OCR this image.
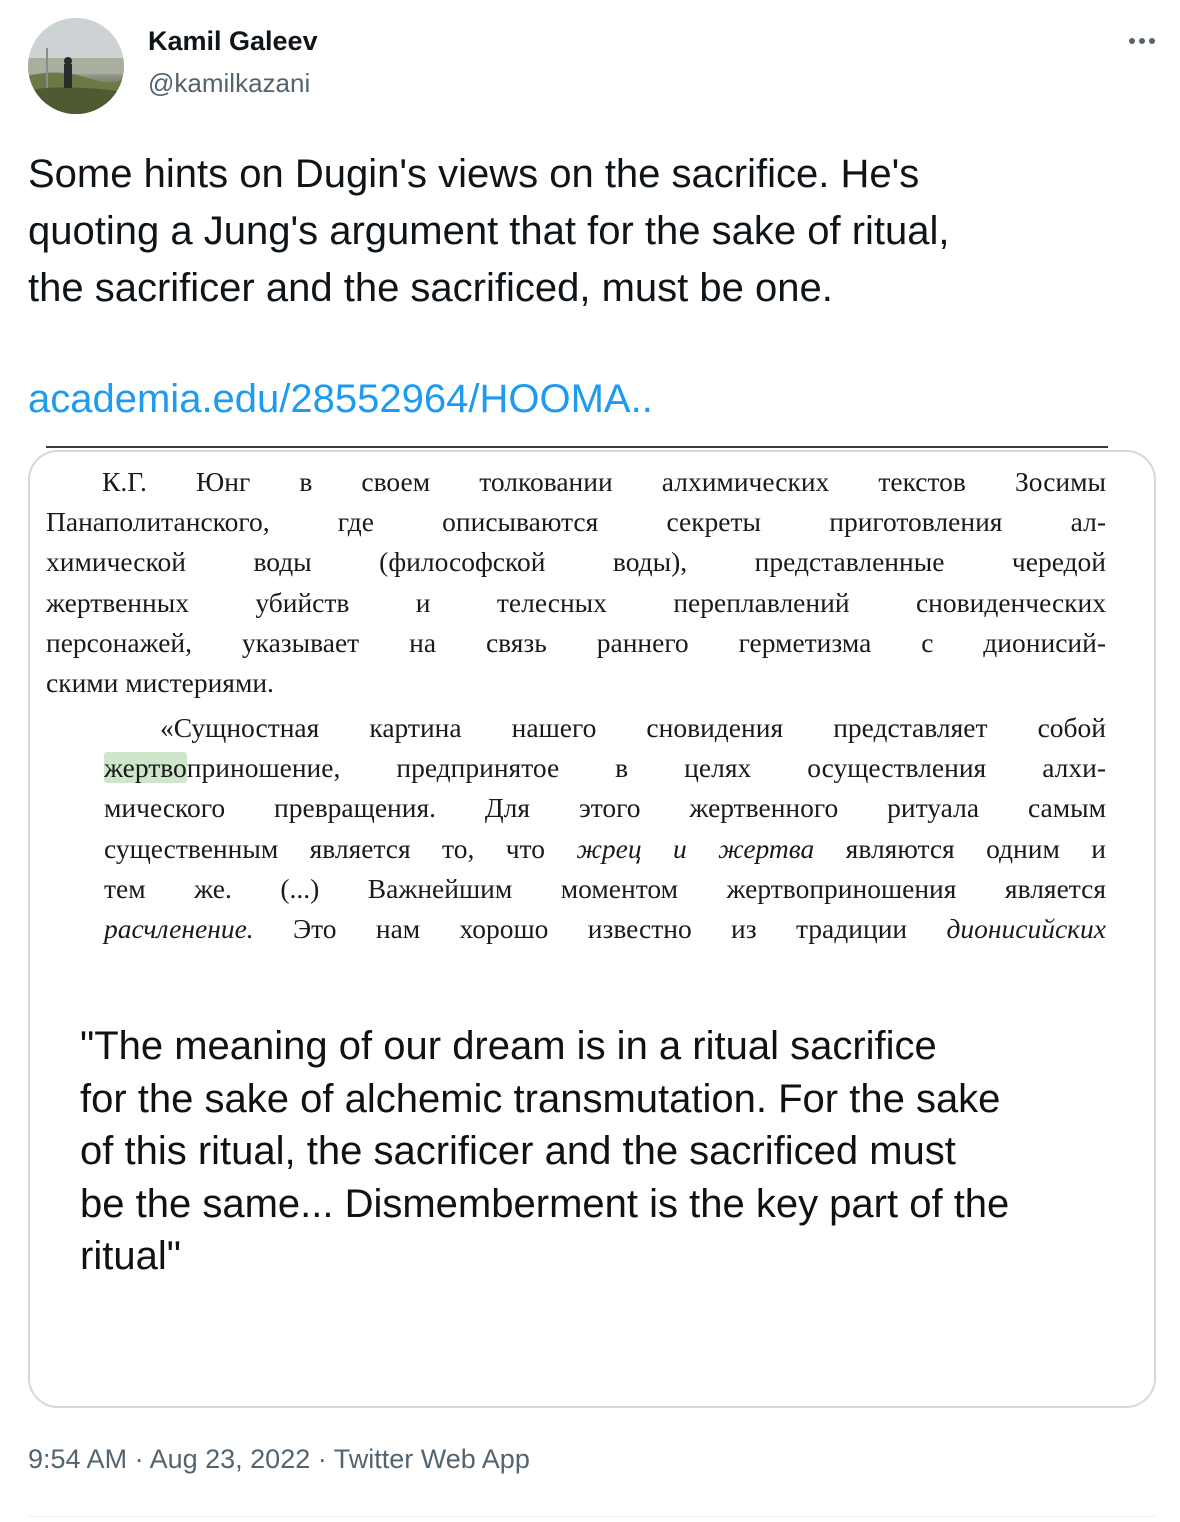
Kamil Galeev
@kamilkazani
Some hints on Dugin's views on the sacrifice. He's
quoting a Jung's argument that for the sake of ritual,
the sacrificer and the sacrificed, must be one.
academia.edu/28552964/HOOMA..
К.Г. Юнг в своем толковании алхимических текстов Зосимы
Панаполитанского, где описываются секреты приготовления ал-
химической воды (философской воды), представленные чередой
жертвенных убийств и телесных переплавлений сновиденческих
персонажей, указывает на связь раннего герметизма с дионисий-
скими мистериями.
«Сущностная картина нашего сновидения представляет собой
жертвоприношение, предпринятое в целях осуществления алхи-
мического превращения. Для этого жертвенного ритуала самым
существенным является то, что жрец и жертва являются одним и
тем же. (...) Важнейшим моментом жертвоприношения является
расчленение. Это нам хорошо известно из традиции дионисийских
"The meaning of our dream is in a ritual sacrifice
for the sake of alchemic transmutation. For the sake
of this ritual, the sacrificer and the sacrificed must
be the same... Dismemberment is the key part of the
ritual"
9:54 AM · Aug 23, 2022 · Twitter Web App
